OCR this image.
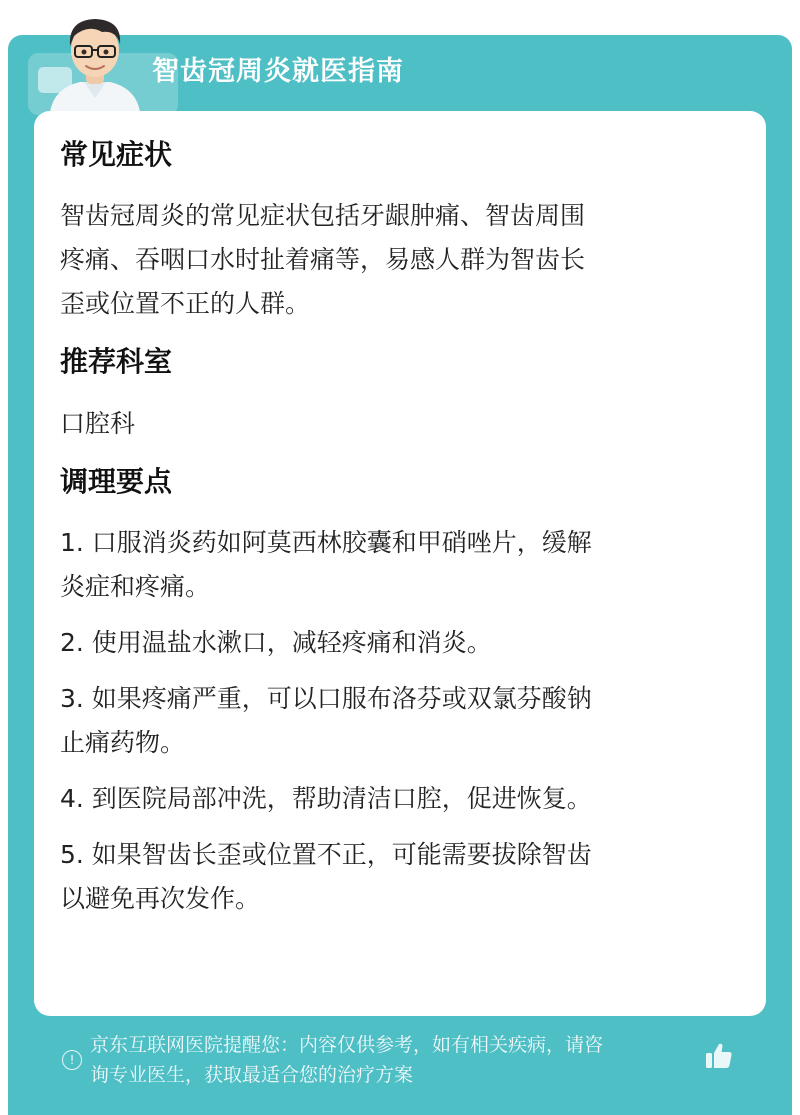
智齿冠周炎就医指南

常见症状

智齿冠周炎的常见症状包括牙龈肿痛、智齿周围

疼痛、吞咽口水时扯着痛等，易感人群为智齿长

歪或位置不正的人群。

推荐科室

口腔科

调理要点

1. 口服消炎药如阿莫西林胶囊和甲硝唑片，缓解

炎症和疼痛。

2. 使用温盐水漱口，减轻疼痛和消炎。

3. 如果疼痛严重，可以口服布洛芬或双氯芬酸钠

止痛药物。

4. 到医院局部冲洗，帮助清洁口腔，促进恢复。

5. 如果智齿长歪或位置不正，可能需要拔除智齿

以避免再次发作。

!
京东互联网医院提醒您：内容仅供参考，如有相关疾病，请咨
询专业医生，获取最适合您的治疗方案
